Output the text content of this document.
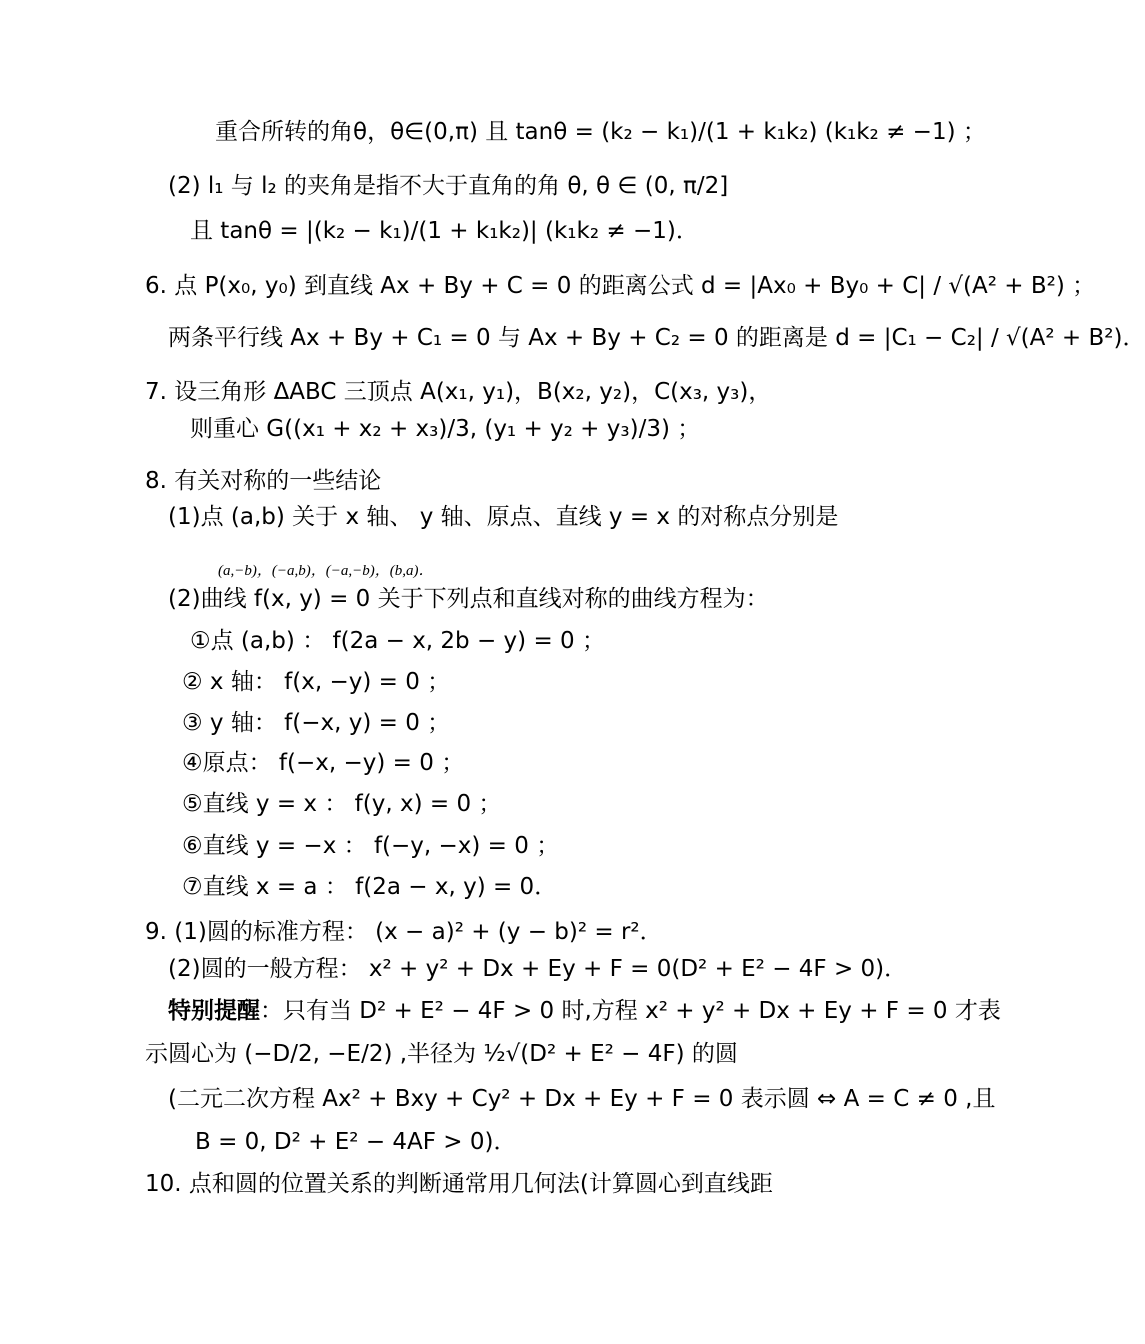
重合所转的角θ，θ∈(0,π) 且 tanθ = (k₂ − k₁)/(1 + k₁k₂) (k₁k₂ ≠ −1) ；
(2) l₁ 与 l₂ 的夹角是指不大于直角的角 θ, θ ∈ (0, π/2]
且 tanθ = |(k₂ − k₁)/(1 + k₁k₂)| (k₁k₂ ≠ −1)．
6. 点 P(x₀, y₀) 到直线 Ax + By + C = 0 的距离公式 d = |Ax₀ + By₀ + C| / √(A² + B²) ；
两条平行线 Ax + By + C₁ = 0 与 Ax + By + C₂ = 0 的距离是 d = |C₁ − C₂| / √(A² + B²)．
7. 设三角形 ΔABC 三顶点 A(x₁, y₁)，B(x₂, y₂)，C(x₃, y₃)，
则重心 G((x₁ + x₂ + x₃)/3, (y₁ + y₂ + y₃)/3) ；
8. 有关对称的一些结论
(1)点 (a,b) 关于 x 轴、 y 轴、原点、直线 y = x 的对称点分别是
(a,−b)，(−a,b)，(−a,−b)，(b,a)．
(2)曲线 f(x, y) = 0 关于下列点和直线对称的曲线方程为：
①点 (a,b) ： f(2a − x, 2b − y) = 0 ；
② x 轴： f(x, −y) = 0 ；
③ y 轴： f(−x, y) = 0 ；
④原点： f(−x, −y) = 0 ；
⑤直线 y = x ： f(y, x) = 0 ；
⑥直线 y = −x ： f(−y, −x) = 0 ；
⑦直线 x = a ： f(2a − x, y) = 0．
9. (1)圆的标准方程： (x − a)² + (y − b)² = r²．
(2)圆的一般方程： x² + y² + Dx + Ey + F = 0(D² + E² − 4F > 0)．
特别提醒：只有当 D² + E² − 4F > 0 时,方程 x² + y² + Dx + Ey + F = 0 才表
示圆心为 (−D/2, −E/2) ,半径为 ½√(D² + E² − 4F) 的圆
(二元二次方程 Ax² + Bxy + Cy² + Dx + Ey + F = 0 表示圆 ⇔ A = C ≠ 0 ,且
B = 0, D² + E² − 4AF > 0)．
10. 点和圆的位置关系的判断通常用几何法(计算圆心到直线距
